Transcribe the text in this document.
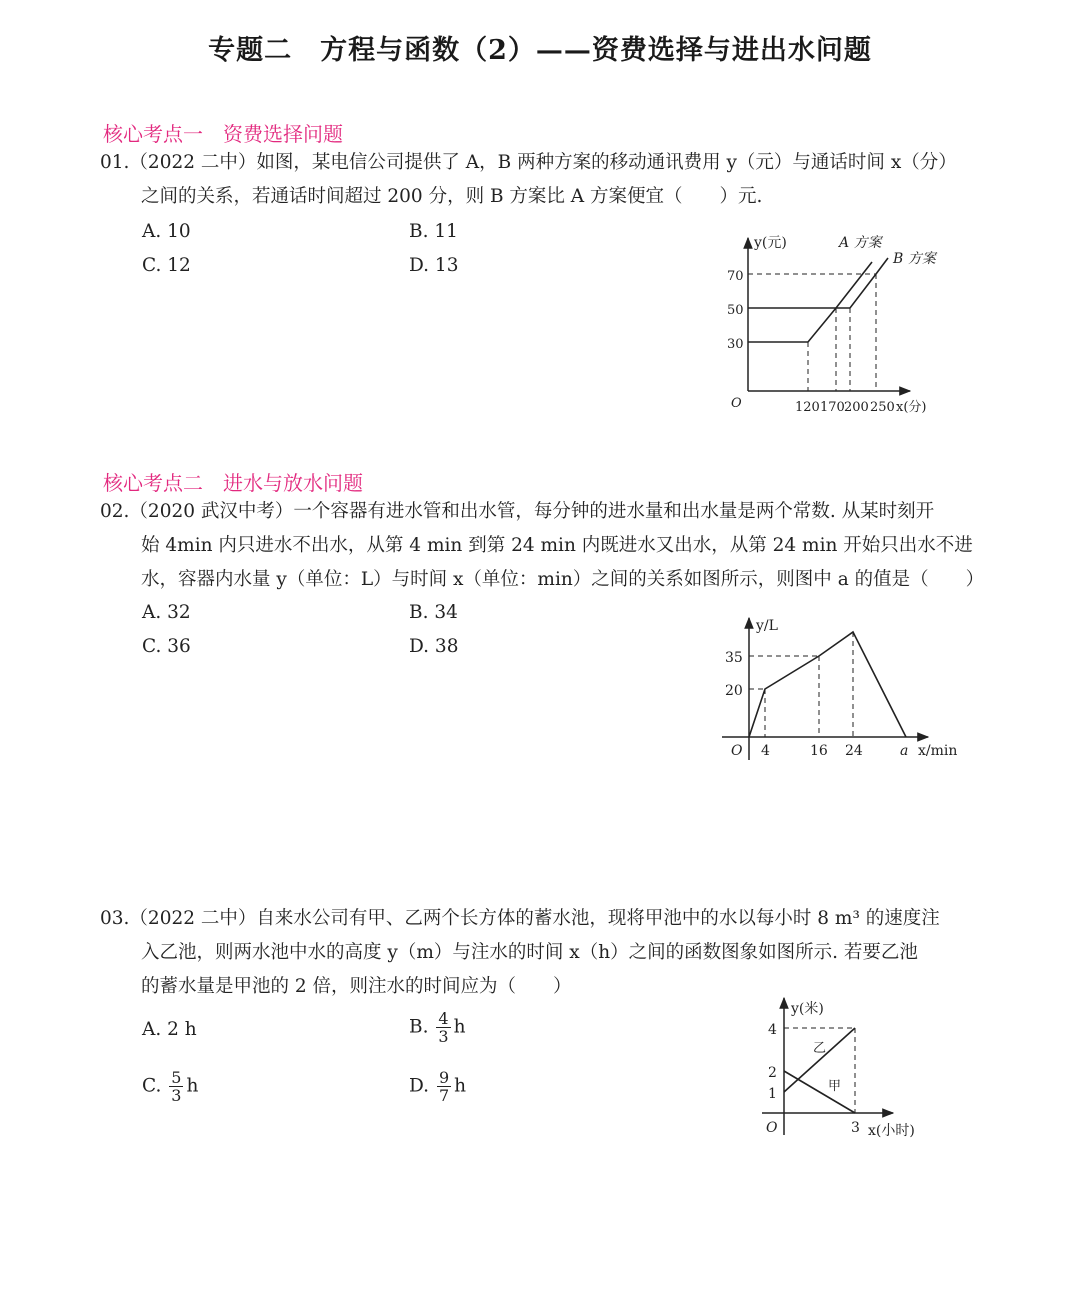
专题二　方程与函数（2）——资费选择与进出水问题
核心考点一　资费选择问题
01.（2022 二中）如图，某电信公司提供了 A，B 两种方案的移动通讯费用 y（元）与通话时间 x（分）
之间的关系，若通话时间超过 200 分，则 B 方案比 A 方案便宜（　　）元.
A. 10	B. 11
C. 12	D. 13
y(元)	A 方案
B 方案
70
50
30
O	120 170 200 250 x(分)
核心考点二　进水与放水问题
02.（2020 武汉中考）一个容器有进水管和出水管，每分钟的进水量和出水量是两个常数. 从某时刻开
始 4min 内只进水不出水，从第 4 min 到第 24 min 内既进水又出水，从第 24 min 开始只出水不进
水，容器内水量 y（单位：L）与时间 x（单位：min）之间的关系如图所示，则图中 a 的值是（　　）
A. 32	B. 34
C. 36	D. 38
y/L
35
20
O 4	16 24	a x/min
03.（2022 二中）自来水公司有甲、乙两个长方体的蓄水池，现将甲池中的水以每小时 8 m³ 的速度注
入乙池，则两水池中水的高度 y（m）与注水的时间 x（h）之间的函数图象如图所示. 若要乙池
的蓄水量是甲池的 2 倍，则注水的时间应为（　　）
A. 2 h	B. $\frac{4}{3}$ h
C. $\frac{5}{3}$ h	D. $\frac{9}{7}$ h
y(米)
4
2
1
乙
甲
O	3 x(小时)
